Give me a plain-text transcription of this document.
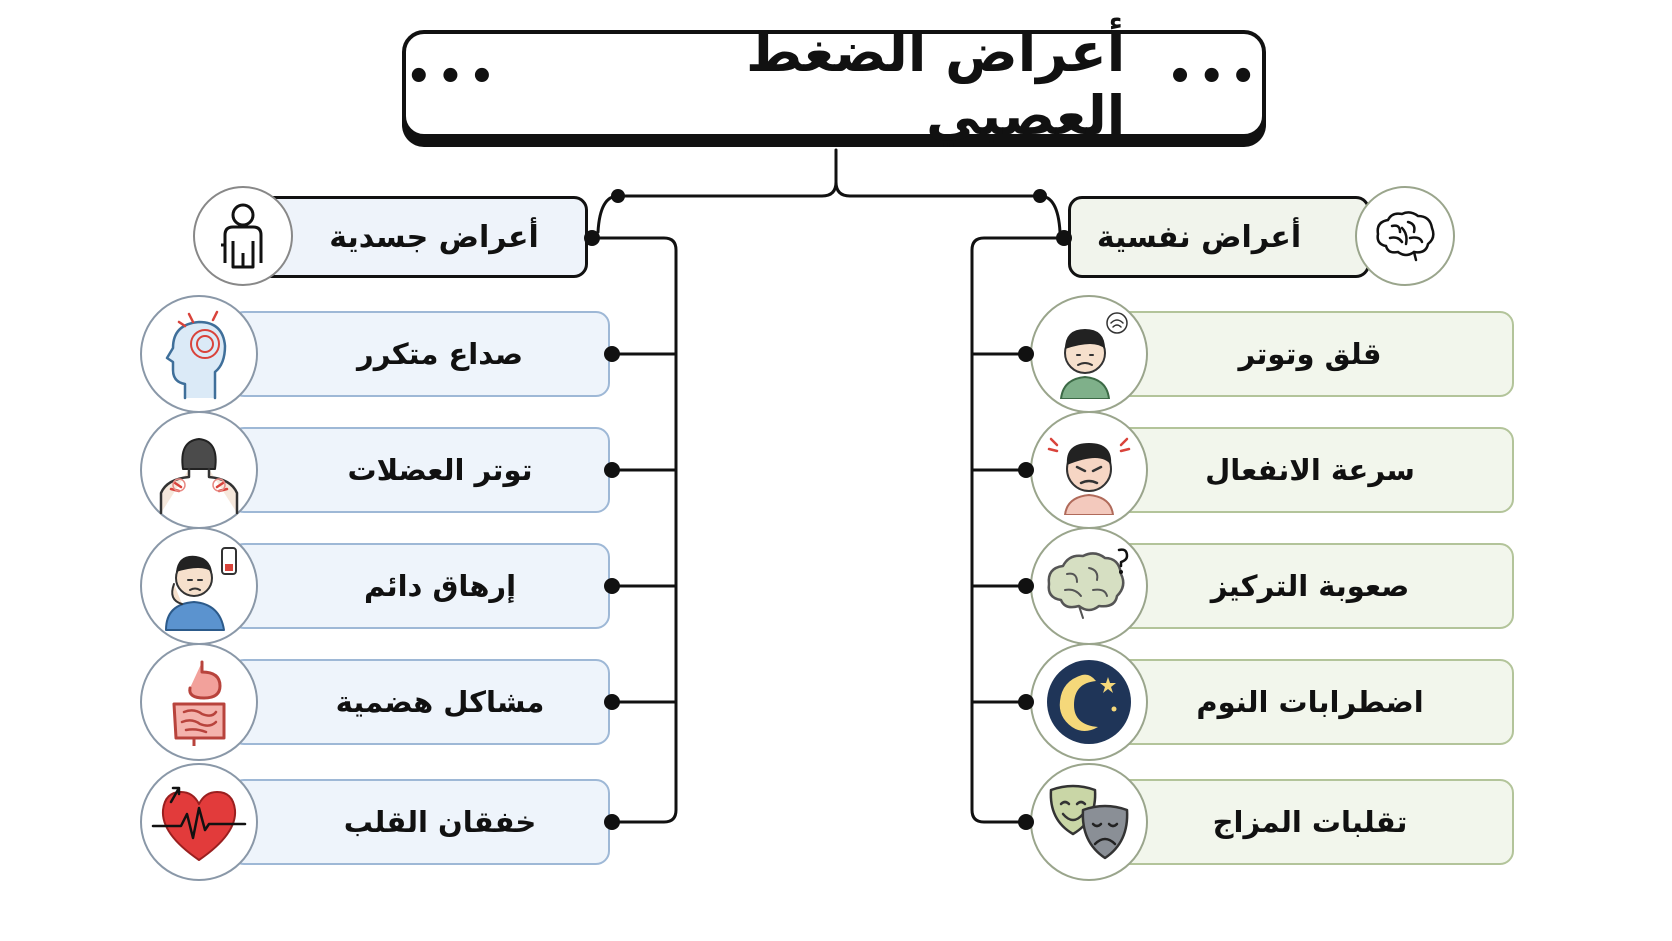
•••	أعراض الضغط العصبي
•••
أعراض جسدية	أعراض نفسية
صداع متكرر
توتر العضلات
إرهاق دائم
مشاكل هضمية
خفقان القلب
قلق وتوتر
سرعة الانفعال
صعوبة التركيز
اضطرابات النوم
تقلبات المزاج
